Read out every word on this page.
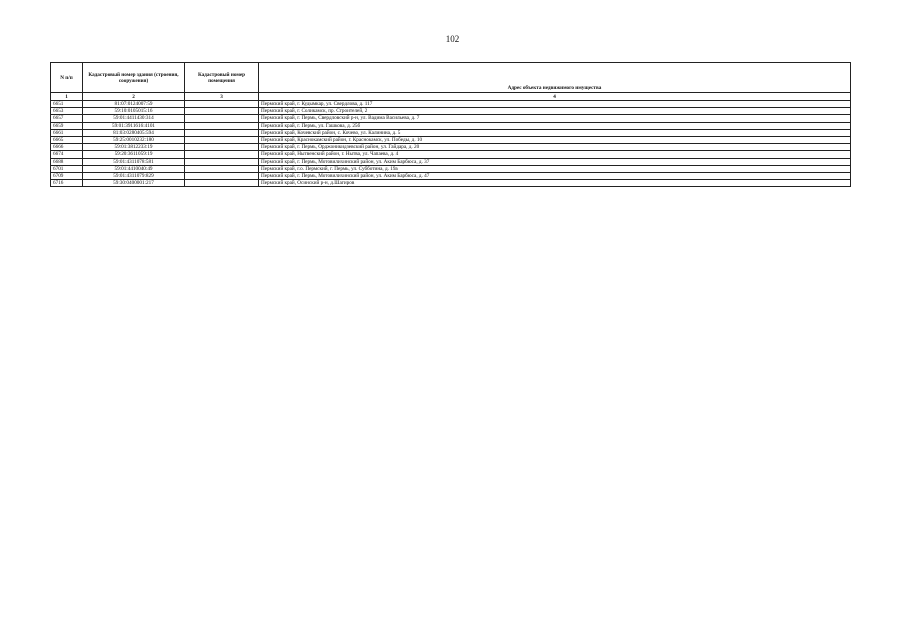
102
N п/п	Кадастровый номер здания (строения, сооружения)	Кадастровый номер помещения	Адрес объекта недвижимого имущества
1	2	3	4
6651	81:07:0124007:59		Пермский край, г. Кудымкар, ул. Свердлова, д. 117
6653	59:10:0105015:16		Пермский край, г. Соликамск, пр. Строителей, 2
6657	59:01:4411430:314		Пермский край, г. Пермь, Свердловский р-н, ул. Вадима Васильева, д. 7
6659	59:01:3911616:4101		Пермский край, г. Пермь, ул. Гашкова, д. 25б
6661	81:03:0280405:594		Пермский край, Кочевский район, с. Кочево, ул. Калинина, д. 5
6665	59:25:0010232:180		Пермский край, Краснокамский район, г. Краснокамск, ул. Победы, д. 10
6666	59:01:3812233:19		Пермский край, г. Пермь, Орджоникидзевский район, ул. Гайдара, д. 20
6674	59:20:3611059:19		Пермский край, Нытвенский район, г. Нытва, ул. Чапаева, д. 4
6688	59:01:4311078:581		Пермский край, г. Пермь, Мотовилихинский район, ул. Аким Барбюса, д. 37
6701	59:01:4410040:49		Пермский край, г.о. Пермский, г. Пермь, ул. Субботина, д. 19а
6709	59:01:4311079:829		Пермский край, г. Пермь, Мотовилихинский район, ул. Аким Барбюса, д. 47
6716	59:30:0400001:217		Пермский край, Осинский р-н, д.Шагиров
